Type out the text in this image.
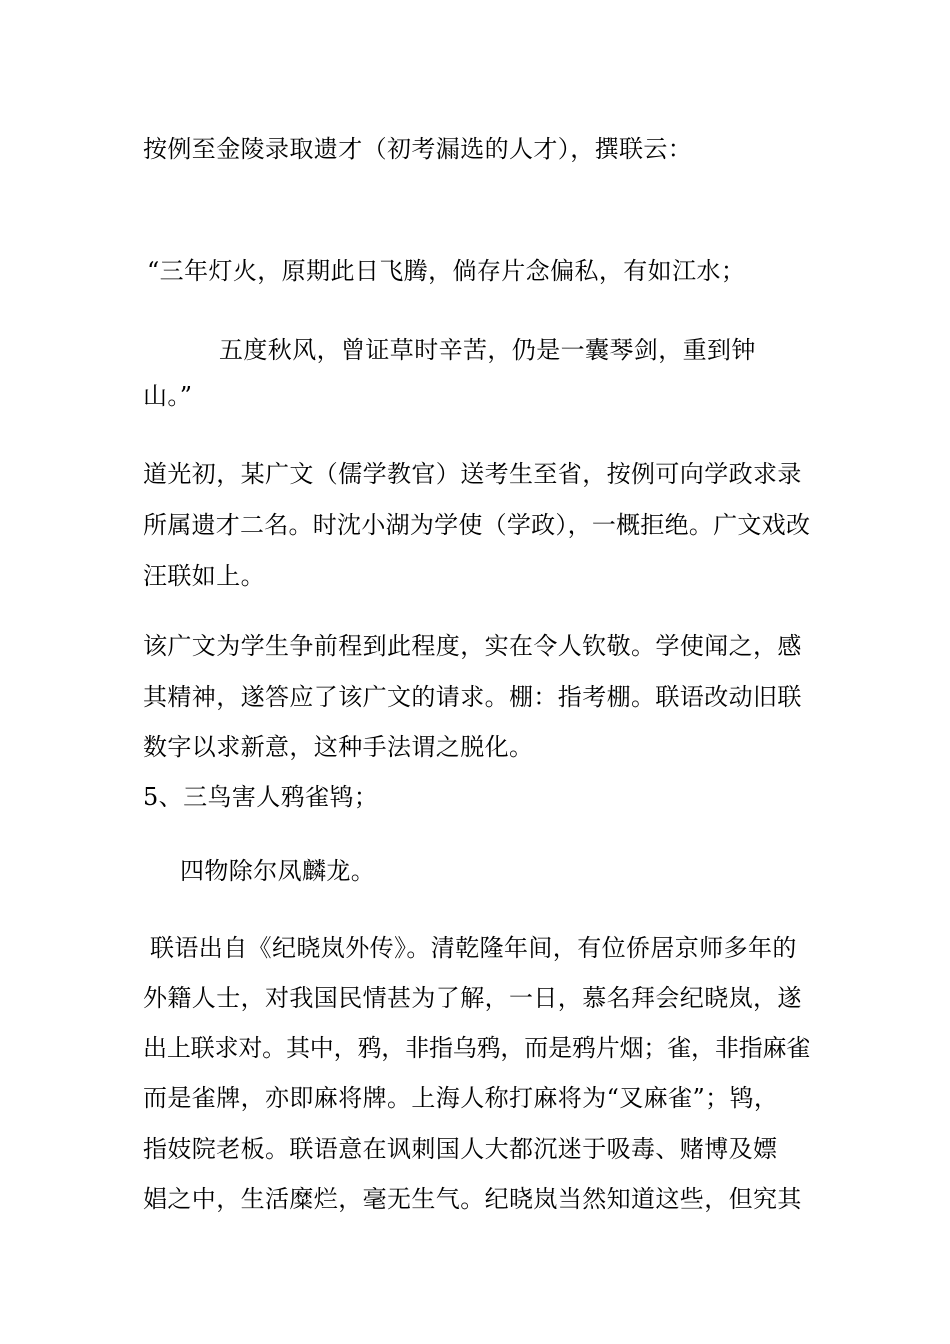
按例至金陵录取遗才（初考漏选的人才），撰联云：
“三年灯火，原期此日飞腾，倘存片念偏私，有如江水；
五度秋风，曾证草时辛苦，仍是一囊琴剑，重到钟
山。”
道光初，某广文（儒学教官）送考生至省，按例可向学政求录
所属遗才二名。时沈小湖为学使（学政），一概拒绝。广文戏改
汪联如上。
该广文为学生争前程到此程度，实在令人钦敬。学使闻之，感
其精神，遂答应了该广文的请求。棚：指考棚。联语改动旧联
数字以求新意，这种手法谓之脱化。
5、三鸟害人鸦雀鸨；
四物除尔凤麟龙。
联语出自《纪晓岚外传》。清乾隆年间，有位侨居京师多年的
外籍人士，对我国民情甚为了解，一日，慕名拜会纪晓岚，遂
出上联求对。其中，鸦，非指乌鸦，而是鸦片烟；雀，非指麻雀
而是雀牌，亦即麻将牌。上海人称打麻将为“叉麻雀”；鸨，
指妓院老板。联语意在讽刺国人大都沉迷于吸毒、赌博及嫖
娼之中，生活糜烂，毫无生气。纪晓岚当然知道这些，但究其
